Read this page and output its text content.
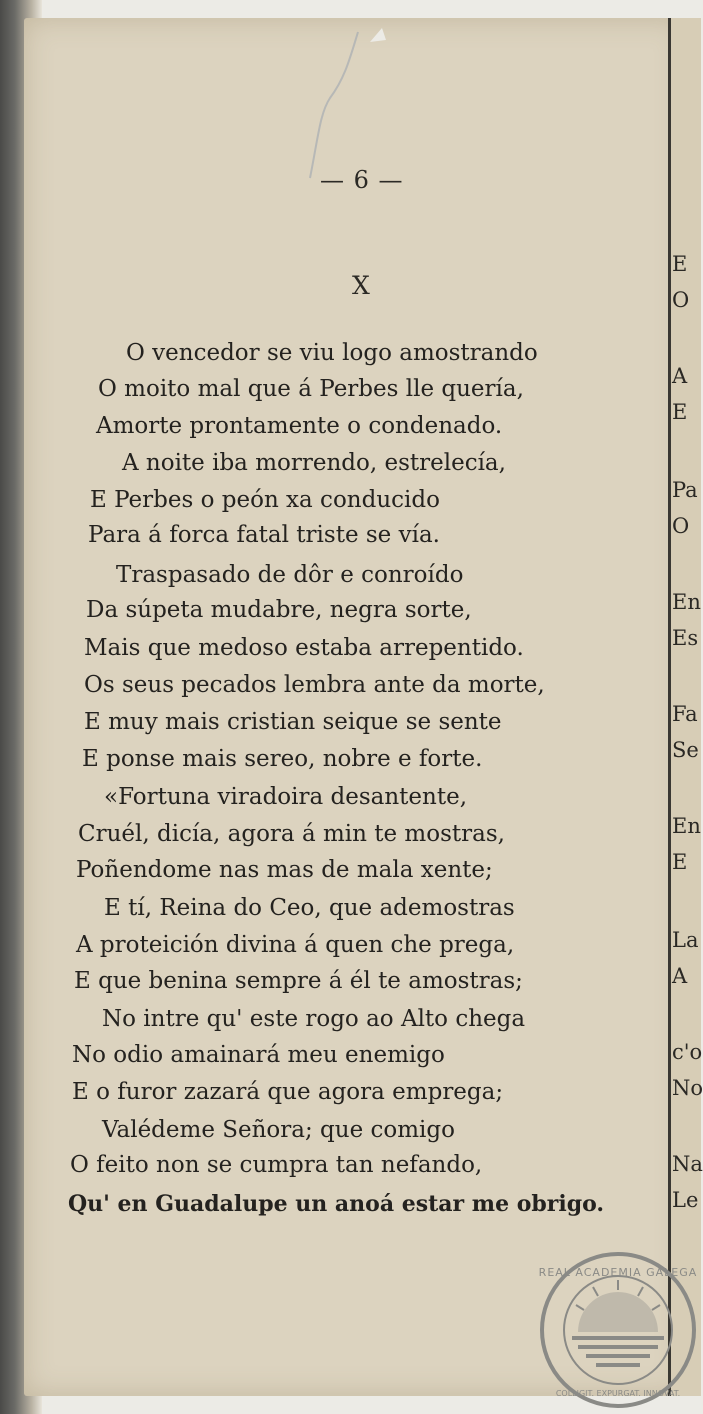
E
O
A
E
Pa
O
En
Es
Fa
Se
En
E
La
A
c'o
No
Na
Le
— 6 —
X

O vencedor se viu logo amostrando

O moito mal que á Perbes lle quería,

Amorte prontamente o condenado.

A noite iba morrendo, estrelecía,

E Perbes o peón xa conducido

Para á forca fatal triste se vía.

Traspasado de dôr e conroído

Da súpeta mudabre, negra sorte,

Mais que medoso estaba arrepentido.

Os seus pecados lembra ante da morte,

E muy mais cristian seique se sente

E ponse mais sereo, nobre e forte.

«Fortuna viradoira desantente,

Cruél, dicía, agora á min te mostras,

Poñendome nas mas de mala xente;

E tí, Reina do Ceo, que ademostras

A proteición divina á quen che prega,

E que benina sempre á él te amostras;

No intre qu' este rogo ao Alto chega

No odio amainará meu enemigo

E o furor zazará que agora emprega;

Valédeme Señora; que comigo

O feito non se cumpra tan nefando,

Qu' en Guadalupe un anoá estar me obrigo.

REAL ACADEMIA GALEGA
COLLIGIT. EXPURGAT. INNOVAT.
